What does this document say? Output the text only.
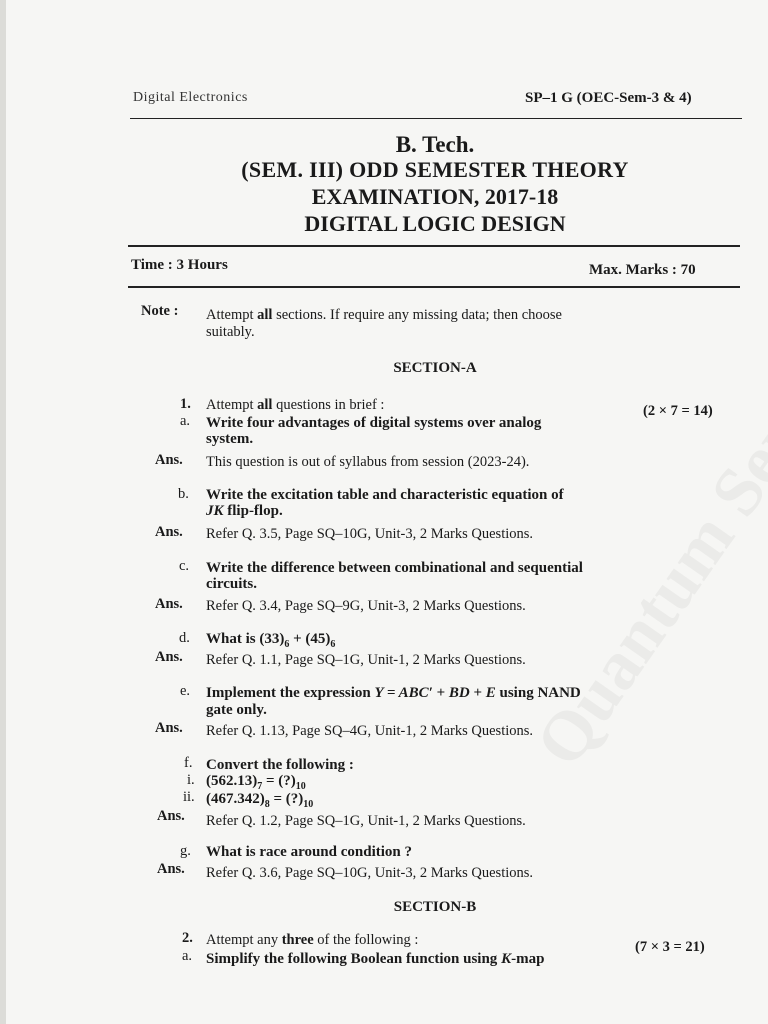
Digital Electronics	SP–1 G (OEC-Sem-3 & 4)
B. Tech.
(SEM. III) ODD SEMESTER THEORY
EXAMINATION, 2017-18
DIGITAL LOGIC DESIGN
Time : 3 Hours	Max. Marks : 70
Note : Attempt all sections. If require any missing data; then choose
suitably.
SECTION-A
1. Attempt all questions in brief :	(2 × 7 = 14)
a. Write four advantages of digital systems over analog
system.
Ans. This question is out of syllabus from session (2023-24).
b. Write the excitation table and characteristic equation of
JK flip-flop.
Ans. Refer Q. 3.5, Page SQ–10G, Unit-3, 2 Marks Questions.
c. Write the difference between combinational and sequential
circuits.
Ans. Refer Q. 3.4, Page SQ–9G, Unit-3, 2 Marks Questions.
d. What is $(33)_6 + (45)_6$
Ans. Refer Q. 1.1, Page SQ–1G, Unit-1, 2 Marks Questions.
e. Implement the expression Y = ABC′ + BD + E using NAND
gate only.
Ans. Refer Q. 1.13, Page SQ–4G, Unit-1, 2 Marks Questions.
f. Convert the following :
i. $(562.13)_7$ = $(?)_{10}$
ii. $(467.342)_8$ = $(?)_{10}$
Ans. Refer Q. 1.2, Page SQ–1G, Unit-1, 2 Marks Questions.
g. What is race around condition ?
Ans. Refer Q. 3.6, Page SQ–10G, Unit-3, 2 Marks Questions.
SECTION-B
2. Attempt any three of the following :	(7 × 3 = 21)
a. Simplify the following Boolean function using K-map
